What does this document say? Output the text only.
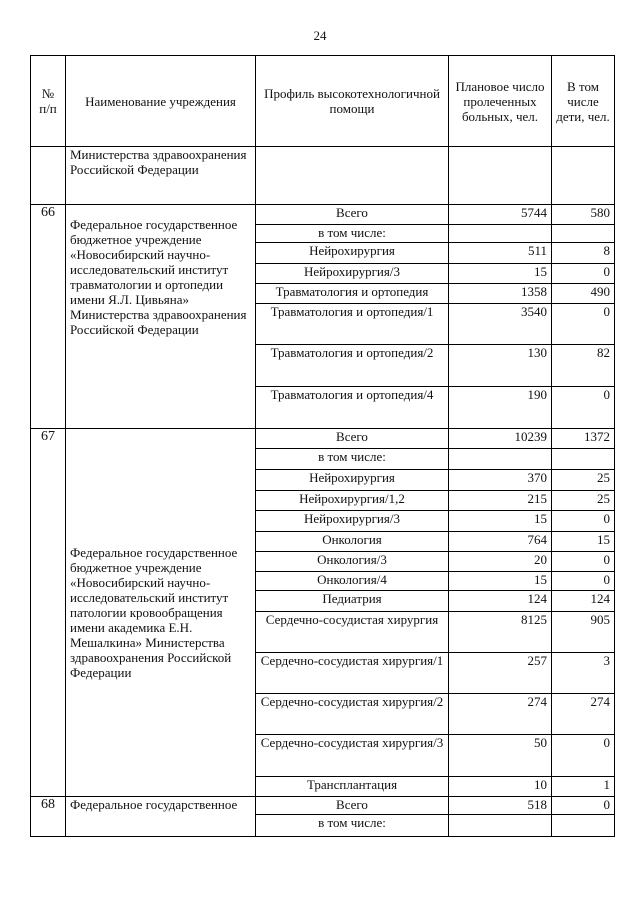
24
№ п/п	Наименование учреждения	Профиль высокотехнологичной помощи	Плановое число пролеченных больных, чел.	В том числе дети, чел.
	Министерства здравоохранения Российской Федерации			
66	Федеральное государственное бюджетное учреждение «Новосибирский научно-исследовательский институт травматологии и ортопедии имени Я.Л. Цивьяна» Министерства здравоохранения Российской Федерации	Всего	5744	580
		в том числе:		
		Нейрохирургия	511	8
		Нейрохирургия/3	15	0
		Травматология и ортопедия	1358	490
		Травматология и ортопедия/1	3540	0
		Травматология и ортопедия/2	130	82
		Травматология и ортопедия/4	190	0
67	Федеральное государственное бюджетное учреждение «Новосибирский научно-исследовательский институт патологии кровообращения имени академика Е.Н. Мешалкина» Министерства здравоохранения Российской Федерации	Всего	10239	1372
		в том числе:		
		Нейрохирургия	370	25
		Нейрохирургия/1,2	215	25
		Нейрохирургия/3	15	0
		Онкология	764	15
		Онкология/3	20	0
		Онкология/4	15	0
		Педиатрия	124	124
		Сердечно-сосудистая хирургия	8125	905
		Сердечно-сосудистая хирургия/1	257	3
		Сердечно-сосудистая хирургия/2	274	274
		Сердечно-сосудистая хирургия/3	50	0
		Трансплантация	10	1
68	Федеральное государственное	Всего	518	0
		в том числе:		
